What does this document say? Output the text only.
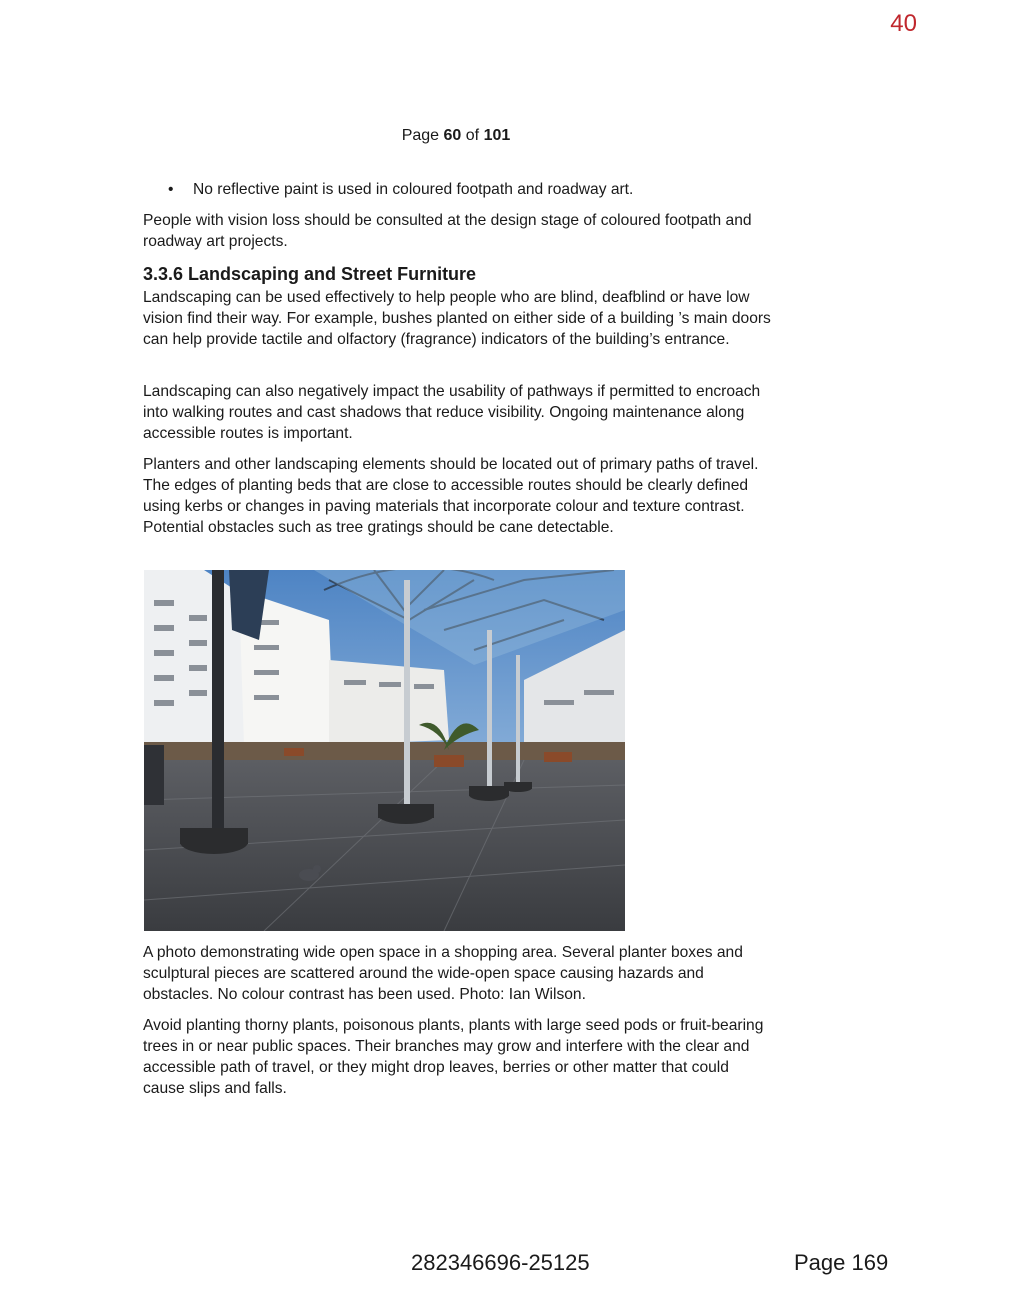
40
Page 60 of 101
• No reflective paint is used in coloured footpath and roadway art.
People with vision loss should be consulted at the design stage of coloured footpath and roadway art projects.
3.3.6 Landscaping and Street Furniture
Landscaping can be used effectively to help people who are blind, deafblind or have low vision find their way. For example, bushes planted on either side of a building ’s main doors can help provide tactile and olfactory (fragrance) indicators of the building’s entrance.
Landscaping can also negatively impact the usability of pathways if permitted to encroach into walking routes and cast shadows that reduce visibility. Ongoing maintenance along accessible routes is important.
Planters and other landscaping elements should be located out of primary paths of travel. The edges of planting beds that are close to accessible routes should be clearly defined using kerbs or changes in paving materials that incorporate colour and texture contrast. Potential obstacles such as tree gratings should be cane detectable.
A photo demonstrating wide open space in a shopping area. Several planter boxes and sculptural pieces are scattered around the wide-open space causing hazards and obstacles. No colour contrast has been used. Photo: Ian Wilson.
Avoid planting thorny plants, poisonous plants, plants with large seed pods or fruit-bearing trees in or near public spaces. Their branches may grow and interfere with the clear and accessible path of travel, or they might drop leaves, berries or other matter that could cause slips and falls.
282346696-25125	Page 169
